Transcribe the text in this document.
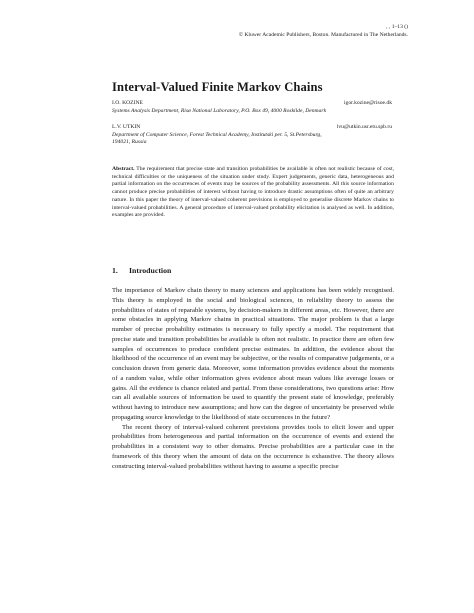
, , 1–13 ()
© Kluwer Academic Publishers, Boston. Manufactured in The Netherlands.
Interval-Valued Finite Markov Chains
I.O. KOZINE	igor.kozine@risoe.dk
Systems Analysis Department, Risø National Laboratory, P.O. Box 49, 4000 Roskilde, Denmark
L.V. UTKIN	lvu@utkin.usr.etu.spb.ru
Department of Computer Science, Forest Technical Academy, Institutski per. 5, St.Petersburg,
194021, Russia
Abstract. The requirement that precise state and transition probabilities be available is often not realistic because of cost, technical difficulties or the uniqueness of the situation under study. Expert judgements, generic data, heterogeneous and partial information on the occurrences of events may be sources of the probability assessments. All this source information cannot produce precise probabilities of interest without having to introduce drastic assumptions often of quite an arbitrary nature. In this paper the theory of interval-valued coherent previsions is employed to generalise discrete Markov chains to interval-valued probabilities. A general procedure of interval-valued probability elicitation is analysed as well. In addition, examples are provided.
1. Introduction

The importance of Markov chain theory to many sciences and applications has been widely recognised. This theory is employed in the social and biological sciences, in reliability theory to assess the probabilities of states of reparable systems, by decision-makers in different areas, etc. However, there are some obstacles in applying Markov chains in practical situations. The major problem is that a large number of precise probability estimates is necessary to fully specify a model. The requirement that precise state and transition probabilities be available is often not realistic. In practice there are often few samples of occurrences to produce confident precise estimates. In addition, the evidence about the likelihood of the occurrence of an event may be subjective, or the results of comparative judgements, or a conclusion drawn from generic data. Moreover, some information provides evidence about the moments of a random value, while other information gives evidence about mean values like average losses or gains. All the evidence is chance related and partial. From these considerations, two questions arise: How can all available sources of information be used to quantify the present state of knowledge, preferably without having to introduce new assumptions; and how can the degree of uncertainty be preserved while propagating source knowledge to the likelihood of state occurrences in the future?

The recent theory of interval-valued coherent previsions provides tools to elicit lower and upper probabilities from heterogeneous and partial information on the occurrence of events and extend the probabilities in a consistent way to other domains. Precise probabilities are a particular case in the framework of this theory when the amount of data on the occurrence is exhaustive. The theory allows constructing interval-valued probabilities without having to assume a specific precise
